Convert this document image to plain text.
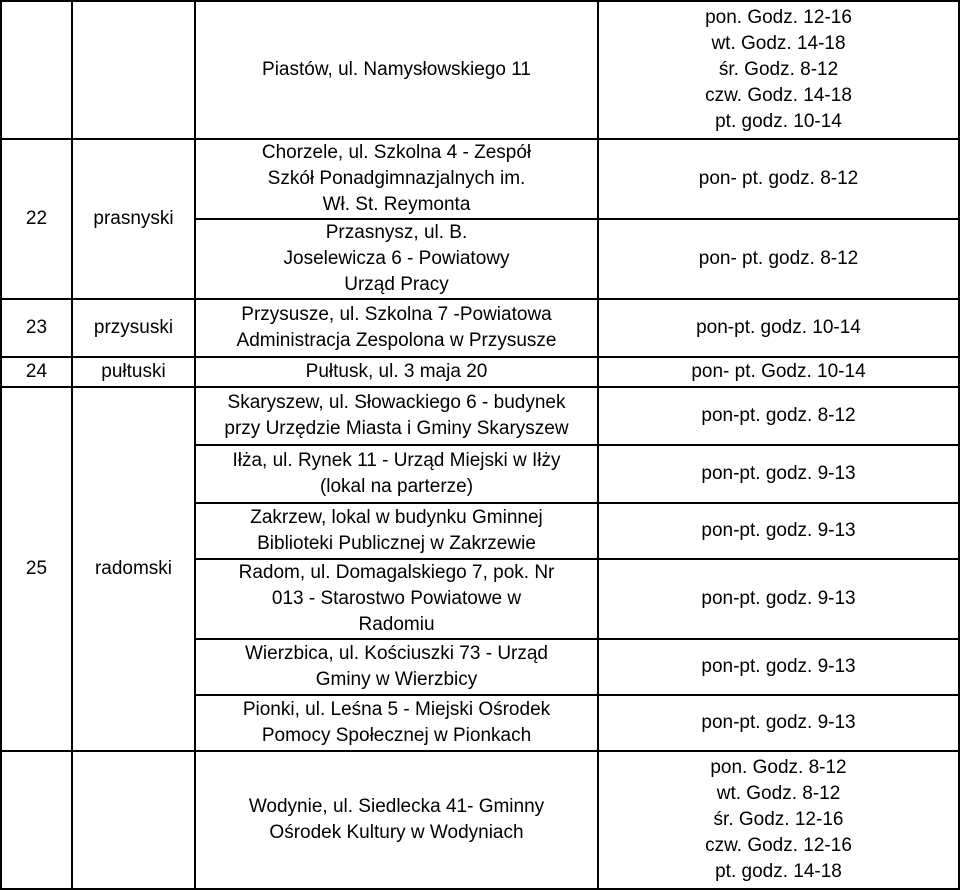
		Piastów, ul. Namysłowskiego 11	pon. Godz. 12-16
wt. Godz. 14-18
śr. Godz. 8-12
czw. Godz. 14-18
pt. godz. 10-14

22	prasnyski	Chorzele, ul. Szkolna 4 - Zespół Szkół Ponadgimnazjalnych im. Wł. St. Reymonta	pon- pt. godz. 8-12

		Przasnysz, ul. B. Joselewicza 6 - Powiatowy Urząd Pracy	pon- pt. godz. 8-12

23	przysuski	Przysusze, ul. Szkolna 7 -Powiatowa Administracja Zespolona w Przysusze	pon-pt. godz. 10-14

24	pułtuski	Pułtusk, ul. 3 maja 20	pon- pt. Godz. 10-14

25	radomski	Skaryszew, ul. Słowackiego 6 - budynek przy Urzędzie Miasta i Gminy Skaryszew	pon-pt. godz. 8-12

		Iłża, ul. Rynek 11 - Urząd Miejski w Iłży (lokal na parterze)	pon-pt. godz. 9-13

		Zakrzew, lokal w budynku Gminnej Biblioteki Publicznej w Zakrzewie	pon-pt. godz. 9-13

		Radom, ul. Domagalskiego 7, pok. Nr 013 - Starostwo Powiatowe w Radomiu	pon-pt. godz. 9-13

		Wierzbica, ul. Kościuszki 73 - Urząd Gminy w Wierzbicy	pon-pt. godz. 9-13

		Pionki, ul. Leśna 5 - Miejski Ośrodek Pomocy Społecznej w Pionkach	pon-pt. godz. 9-13

		Wodynie, ul. Siedlecka 41- Gminny Ośrodek Kultury w Wodyniach	pon. Godz. 8-12
wt. Godz. 8-12
śr. Godz. 12-16
czw. Godz. 12-16
pt. godz. 14-18
